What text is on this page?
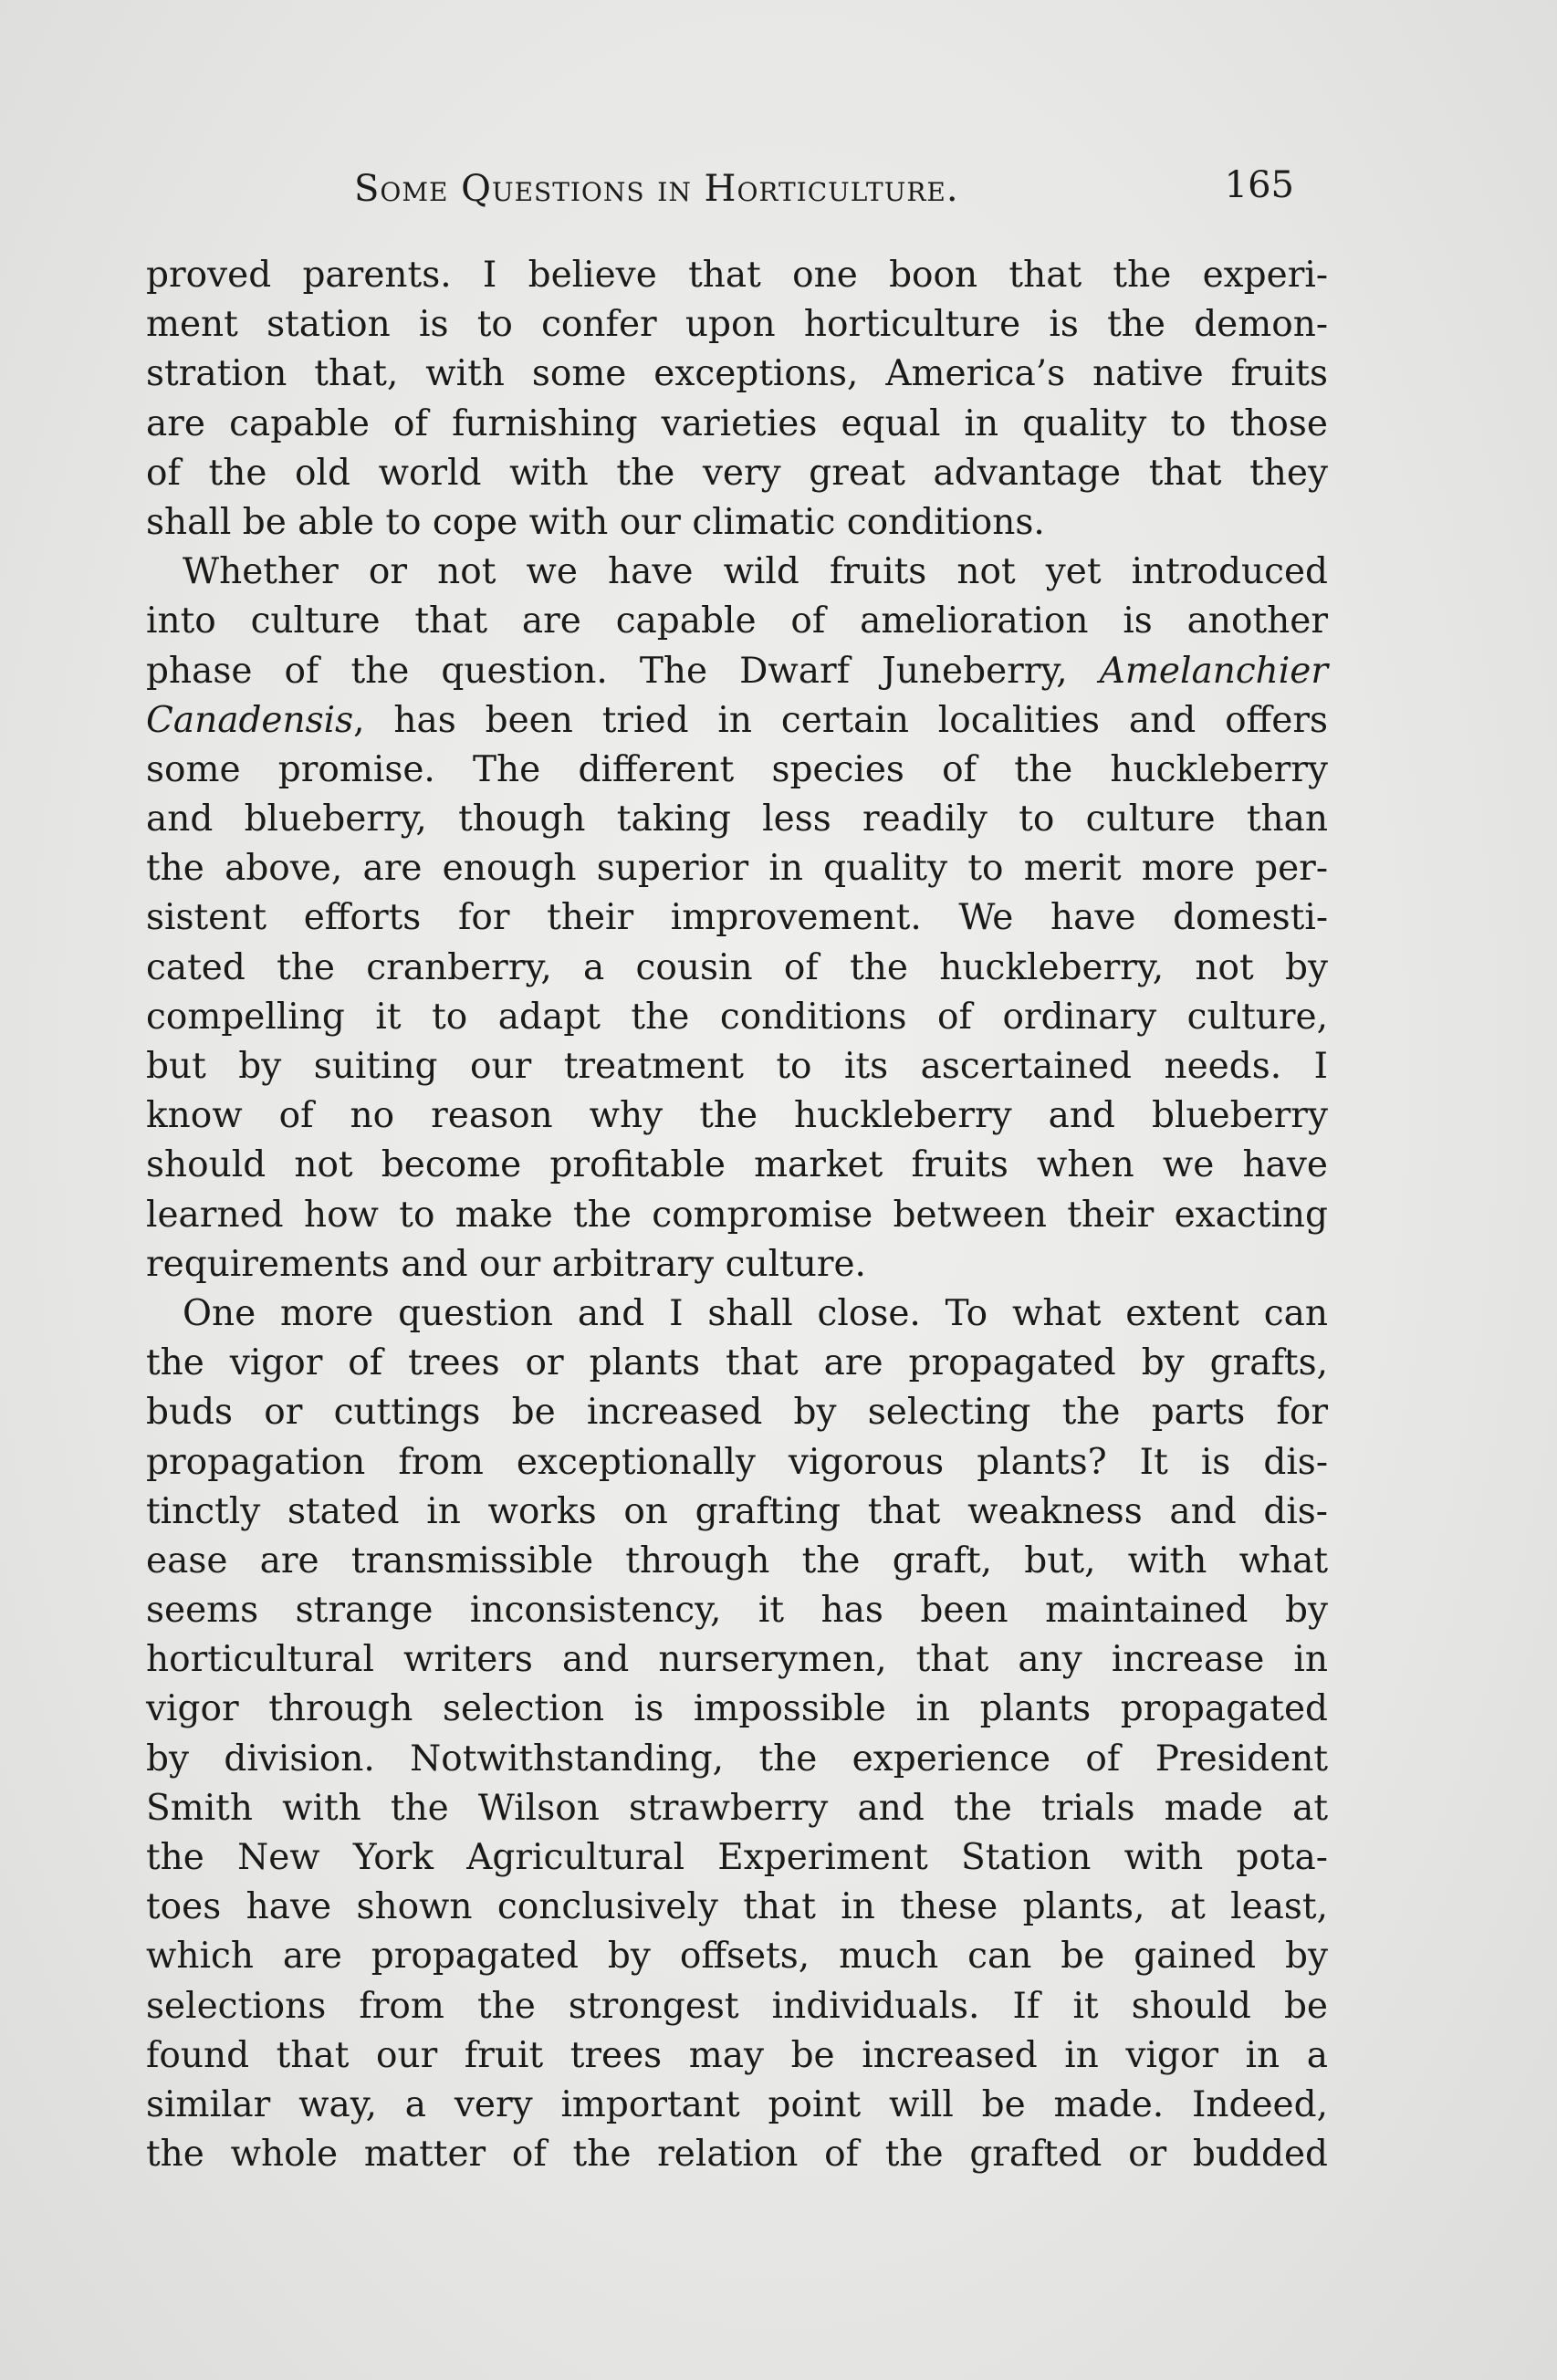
Some Questions in Horticulture.	165
proved parents. I believe that one boon that the experi-
ment station is to confer upon horticulture is the demon-
stration that, with some exceptions, America’s native fruits
are capable of furnishing varieties equal in quality to those
of the old world with the very great advantage that they
shall be able to cope with our climatic conditions.
Whether or not we have wild fruits not yet introduced
into culture that are capable of amelioration is another
phase of the question. The Dwarf Juneberry, Amelanchier
Canadensis, has been tried in certain localities and offers
some promise. The different species of the huckleberry
and blueberry, though taking less readily to culture than
the above, are enough superior in quality to merit more per-
sistent efforts for their improvement. We have domesti-
cated the cranberry, a cousin of the huckleberry, not by
compelling it to adapt the conditions of ordinary culture,
but by suiting our treatment to its ascertained needs. I
know of no reason why the huckleberry and blueberry
should not become profitable market fruits when we have
learned how to make the compromise between their exacting
requirements and our arbitrary culture.
One more question and I shall close. To what extent can
the vigor of trees or plants that are propagated by grafts,
buds or cuttings be increased by selecting the parts for
propagation from exceptionally vigorous plants? It is dis-
tinctly stated in works on grafting that weakness and dis-
ease are transmissible through the graft, but, with what
seems strange inconsistency, it has been maintained by
horticultural writers and nurserymen, that any increase in
vigor through selection is impossible in plants propagated
by division. Notwithstanding, the experience of President
Smith with the Wilson strawberry and the trials made at
the New York Agricultural Experiment Station with pota-
toes have shown conclusively that in these plants, at least,
which are propagated by offsets, much can be gained by
selections from the strongest individuals. If it should be
found that our fruit trees may be increased in vigor in a
similar way, a very important point will be made. Indeed,
the whole matter of the relation of the grafted or budded
